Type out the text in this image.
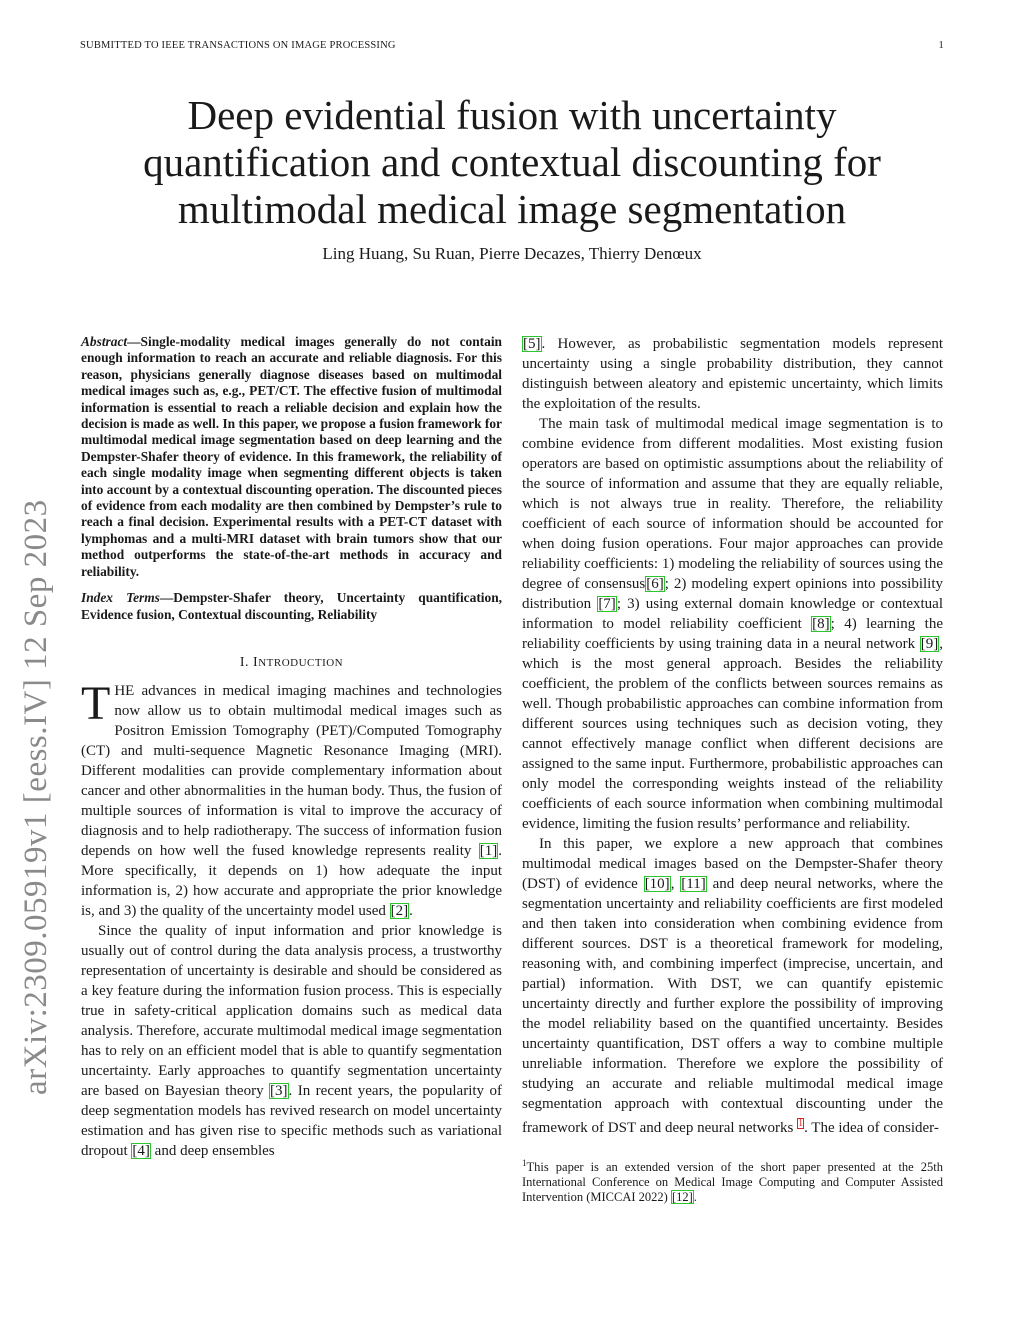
SUBMITTED TO IEEE TRANSACTIONS ON IMAGE PROCESSING	1
arXiv:2309.05919v1 [eess.IV] 12 Sep 2023
Deep evidential fusion with uncertainty quantification and contextual discounting for multimodal medical image segmentation
Ling Huang, Su Ruan, Pierre Decazes, Thierry Denœux

Abstract—Single-modality medical images generally do not contain enough information to reach an accurate and reliable diagnosis. For this reason, physicians generally diagnose diseases based on multimodal medical images such as, e.g., PET/CT. The effective fusion of multimodal information is essential to reach a reliable decision and explain how the decision is made as well. In this paper, we propose a fusion framework for multimodal medical image segmentation based on deep learning and the Dempster-Shafer theory of evidence. In this framework, the reliability of each single modality image when segmenting different objects is taken into account by a contextual discounting operation. The discounted pieces of evidence from each modality are then combined by Dempster’s rule to reach a final decision. Experimental results with a PET-CT dataset with lymphomas and a multi-MRI dataset with brain tumors show that our method outperforms the state-of-the-art methods in accuracy and reliability.

Index Terms—Dempster-Shafer theory, Uncertainty quantification, Evidence fusion, Contextual discounting, Reliability

I. INTRODUCTION

THE advances in medical imaging machines and technologies now allow us to obtain multimodal medical images such as Positron Emission Tomography (PET)/Computed Tomography (CT) and multi-sequence Magnetic Resonance Imaging (MRI). Different modalities can provide complementary information about cancer and other abnormalities in the human body. Thus, the fusion of multiple sources of information is vital to improve the accuracy of diagnosis and to help radiotherapy. The success of information fusion depends on how well the fused knowledge represents reality [1]. More specifically, it depends on 1) how adequate the input information is, 2) how accurate and appropriate the prior knowledge is, and 3) the quality of the uncertainty model used [2].

Since the quality of input information and prior knowledge is usually out of control during the data analysis process, a trustworthy representation of uncertainty is desirable and should be considered as a key feature during the information fusion process. This is especially true in safety-critical application domains such as medical data analysis. Therefore, accurate multimodal medical image segmentation has to rely on an efficient model that is able to quantify segmentation uncertainty. Early approaches to quantify segmentation uncertainty are based on Bayesian theory [3]. In recent years, the popularity of deep segmentation models has revived research on model uncertainty estimation and has given rise to specific methods such as variational dropout [4] and deep ensembles

[5]. However, as probabilistic segmentation models represent uncertainty using a single probability distribution, they cannot distinguish between aleatory and epistemic uncertainty, which limits the exploitation of the results.

The main task of multimodal medical image segmentation is to combine evidence from different modalities. Most existing fusion operators are based on optimistic assumptions about the reliability of the source of information and assume that they are equally reliable, which is not always true in reality. Therefore, the reliability coefficient of each source of information should be accounted for when doing fusion operations. Four major approaches can provide reliability coefficients: 1) modeling the reliability of sources using the degree of consensus[6]; 2) modeling expert opinions into possibility distribution [7]; 3) using external domain knowledge or contextual information to model reliability coefficient [8]; 4) learning the reliability coefficients by using training data in a neural network [9], which is the most general approach. Besides the reliability coefficient, the problem of the conflicts between sources remains as well. Though probabilistic approaches can combine information from different sources using techniques such as decision voting, they cannot effectively manage conflict when different decisions are assigned to the same input. Furthermore, probabilistic approaches can only model the corresponding weights instead of the reliability coefficients of each source information when combining multimodal evidence, limiting the fusion results’ performance and reliability.

In this paper, we explore a new approach that combines multimodal medical images based on the Dempster-Shafer theory (DST) of evidence [10], [11] and deep neural networks, where the segmentation uncertainty and reliability coefficients are first modeled and then taken into consideration when combining evidence from different sources. DST is a theoretical framework for modeling, reasoning with, and combining imperfect (imprecise, uncertain, and partial) information. With DST, we can quantify epistemic uncertainty directly and further explore the possibility of improving the model reliability based on the quantified uncertainty. Besides uncertainty quantification, DST offers a way to combine multiple unreliable information. Therefore we explore the possibility of studying an accurate and reliable multimodal medical image segmentation approach with contextual discounting under the framework of DST and deep neural networks $^1$. The idea of consider-

$^1$This paper is an extended version of the short paper presented at the 25th International Conference on Medical Image Computing and Computer Assisted Intervention (MICCAI 2022) [12].
